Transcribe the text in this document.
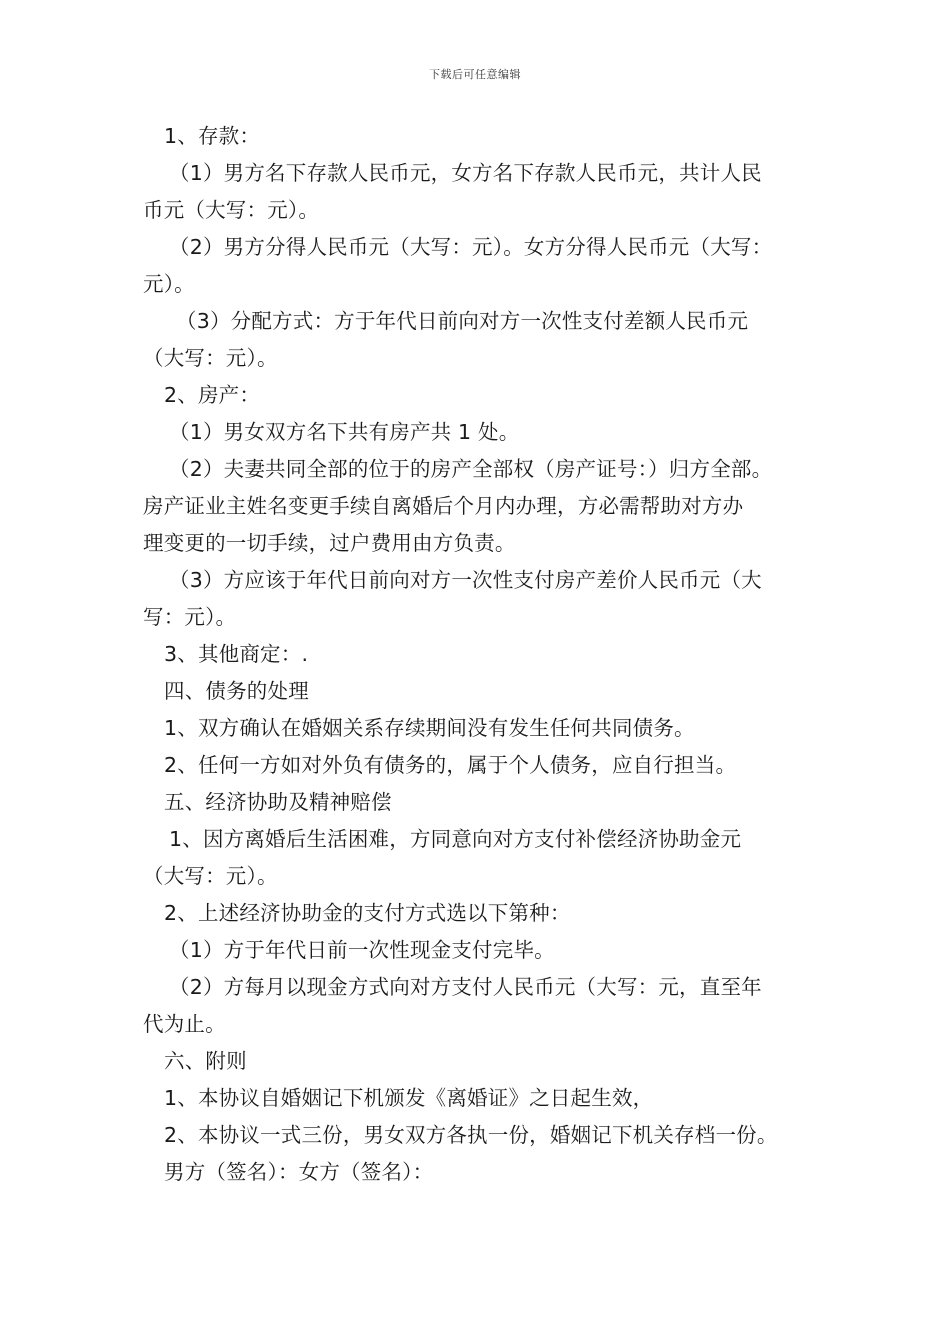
下载后可任意编辑
1、存款：
（1）男方名下存款人民币元，女方名下存款人民币元，共计人民
币元（大写：元）。
（2）男方分得人民币元（大写：元）。女方分得人民币元（大写：
元）。
（3）分配方式：方于年代日前向对方一次性支付差额人民币元
（大写：元）。
2、房产：
（1）男女双方名下共有房产共 1 处。
（2）夫妻共同全部的位于的房产全部权（房产证号：）归方全部。
房产证业主姓名变更手续自离婚后个月内办理，方必需帮助对方办
理变更的一切手续，过户费用由方负责。
（3）方应该于年代日前向对方一次性支付房产差价人民币元（大
写：元）。
3、其他商定：.
四、债务的处理
1、双方确认在婚姻关系存续期间没有发生任何共同债务。
2、任何一方如对外负有债务的，属于个人债务，应自行担当。
五、经济协助及精神赔偿
1、因方离婚后生活困难，方同意向对方支付补偿经济协助金元
（大写：元）。
2、上述经济协助金的支付方式选以下第种：
（1）方于年代日前一次性现金支付完毕。
（2）方每月以现金方式向对方支付人民币元（大写：元，直至年
代为止。
六、附则
1、本协议自婚姻记下机颁发《离婚证》之日起生效，
2、本协议一式三份，男女双方各执一份，婚姻记下机关存档一份。
男方（签名）：女方（签名）：
